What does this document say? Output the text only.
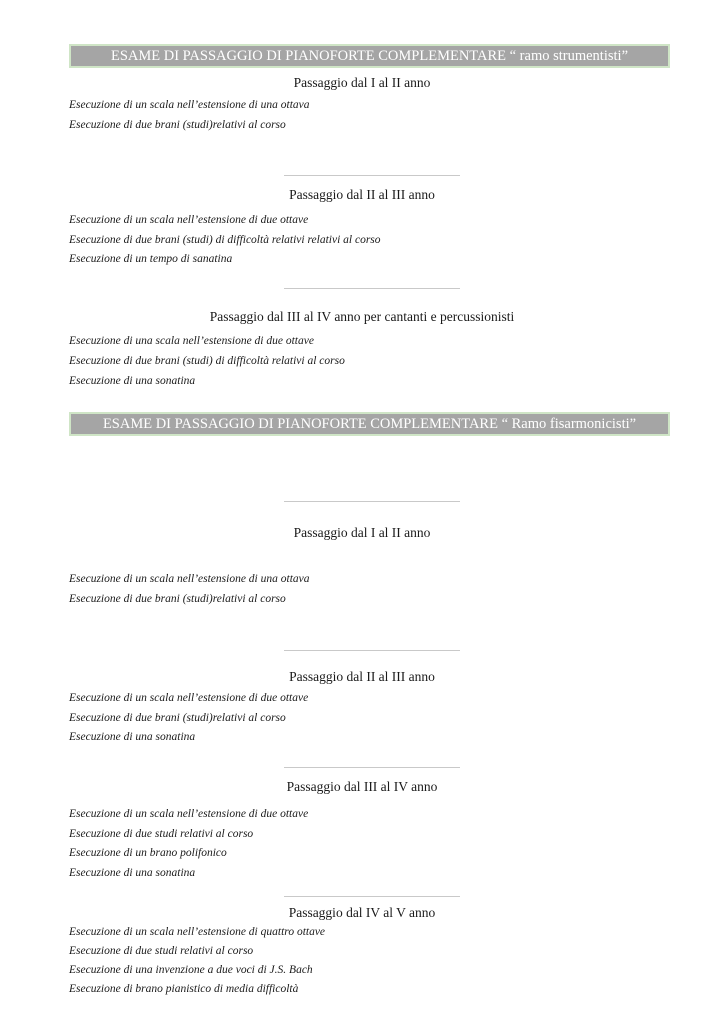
ESAME DI PASSAGGIO DI PIANOFORTE COMPLEMENTARE “ ramo strumentisti”
Passaggio dal I al II anno
Esecuzione di un scala nell’estensione di una ottava
Esecuzione di due brani (studi)relativi al corso
Passaggio dal II al III anno
Esecuzione di un scala nell’estensione di due ottave
Esecuzione di due brani (studi) di difficoltà relativi relativi al corso
Esecuzione di un tempo di sanatina
Passaggio dal III al IV anno per cantanti e percussionisti
Esecuzione di una scala nell’estensione di due ottave
Esecuzione di due brani (studi) di difficoltà relativi al corso
Esecuzione di una sonatina
ESAME DI PASSAGGIO DI PIANOFORTE COMPLEMENTARE “ Ramo fisarmonicisti”
Passaggio dal I al II anno
Esecuzione di un scala nell’estensione di una ottava
Esecuzione di due brani (studi)relativi al corso
Passaggio dal II al III anno
Esecuzione di un scala nell’estensione di due ottave
Esecuzione di due brani (studi)relativi al corso
Esecuzione di una sonatina
Passaggio dal III al IV anno
Esecuzione di un scala nell’estensione di due ottave
Esecuzione di due studi relativi al corso
Esecuzione di un brano polifonico
Esecuzione di una sonatina
Passaggio dal IV al V anno
Esecuzione di un scala nell’estensione di quattro ottave
Esecuzione di due studi relativi al corso
Esecuzione di una invenzione a due voci di J.S. Bach
Esecuzione di brano pianistico di media difficoltà
